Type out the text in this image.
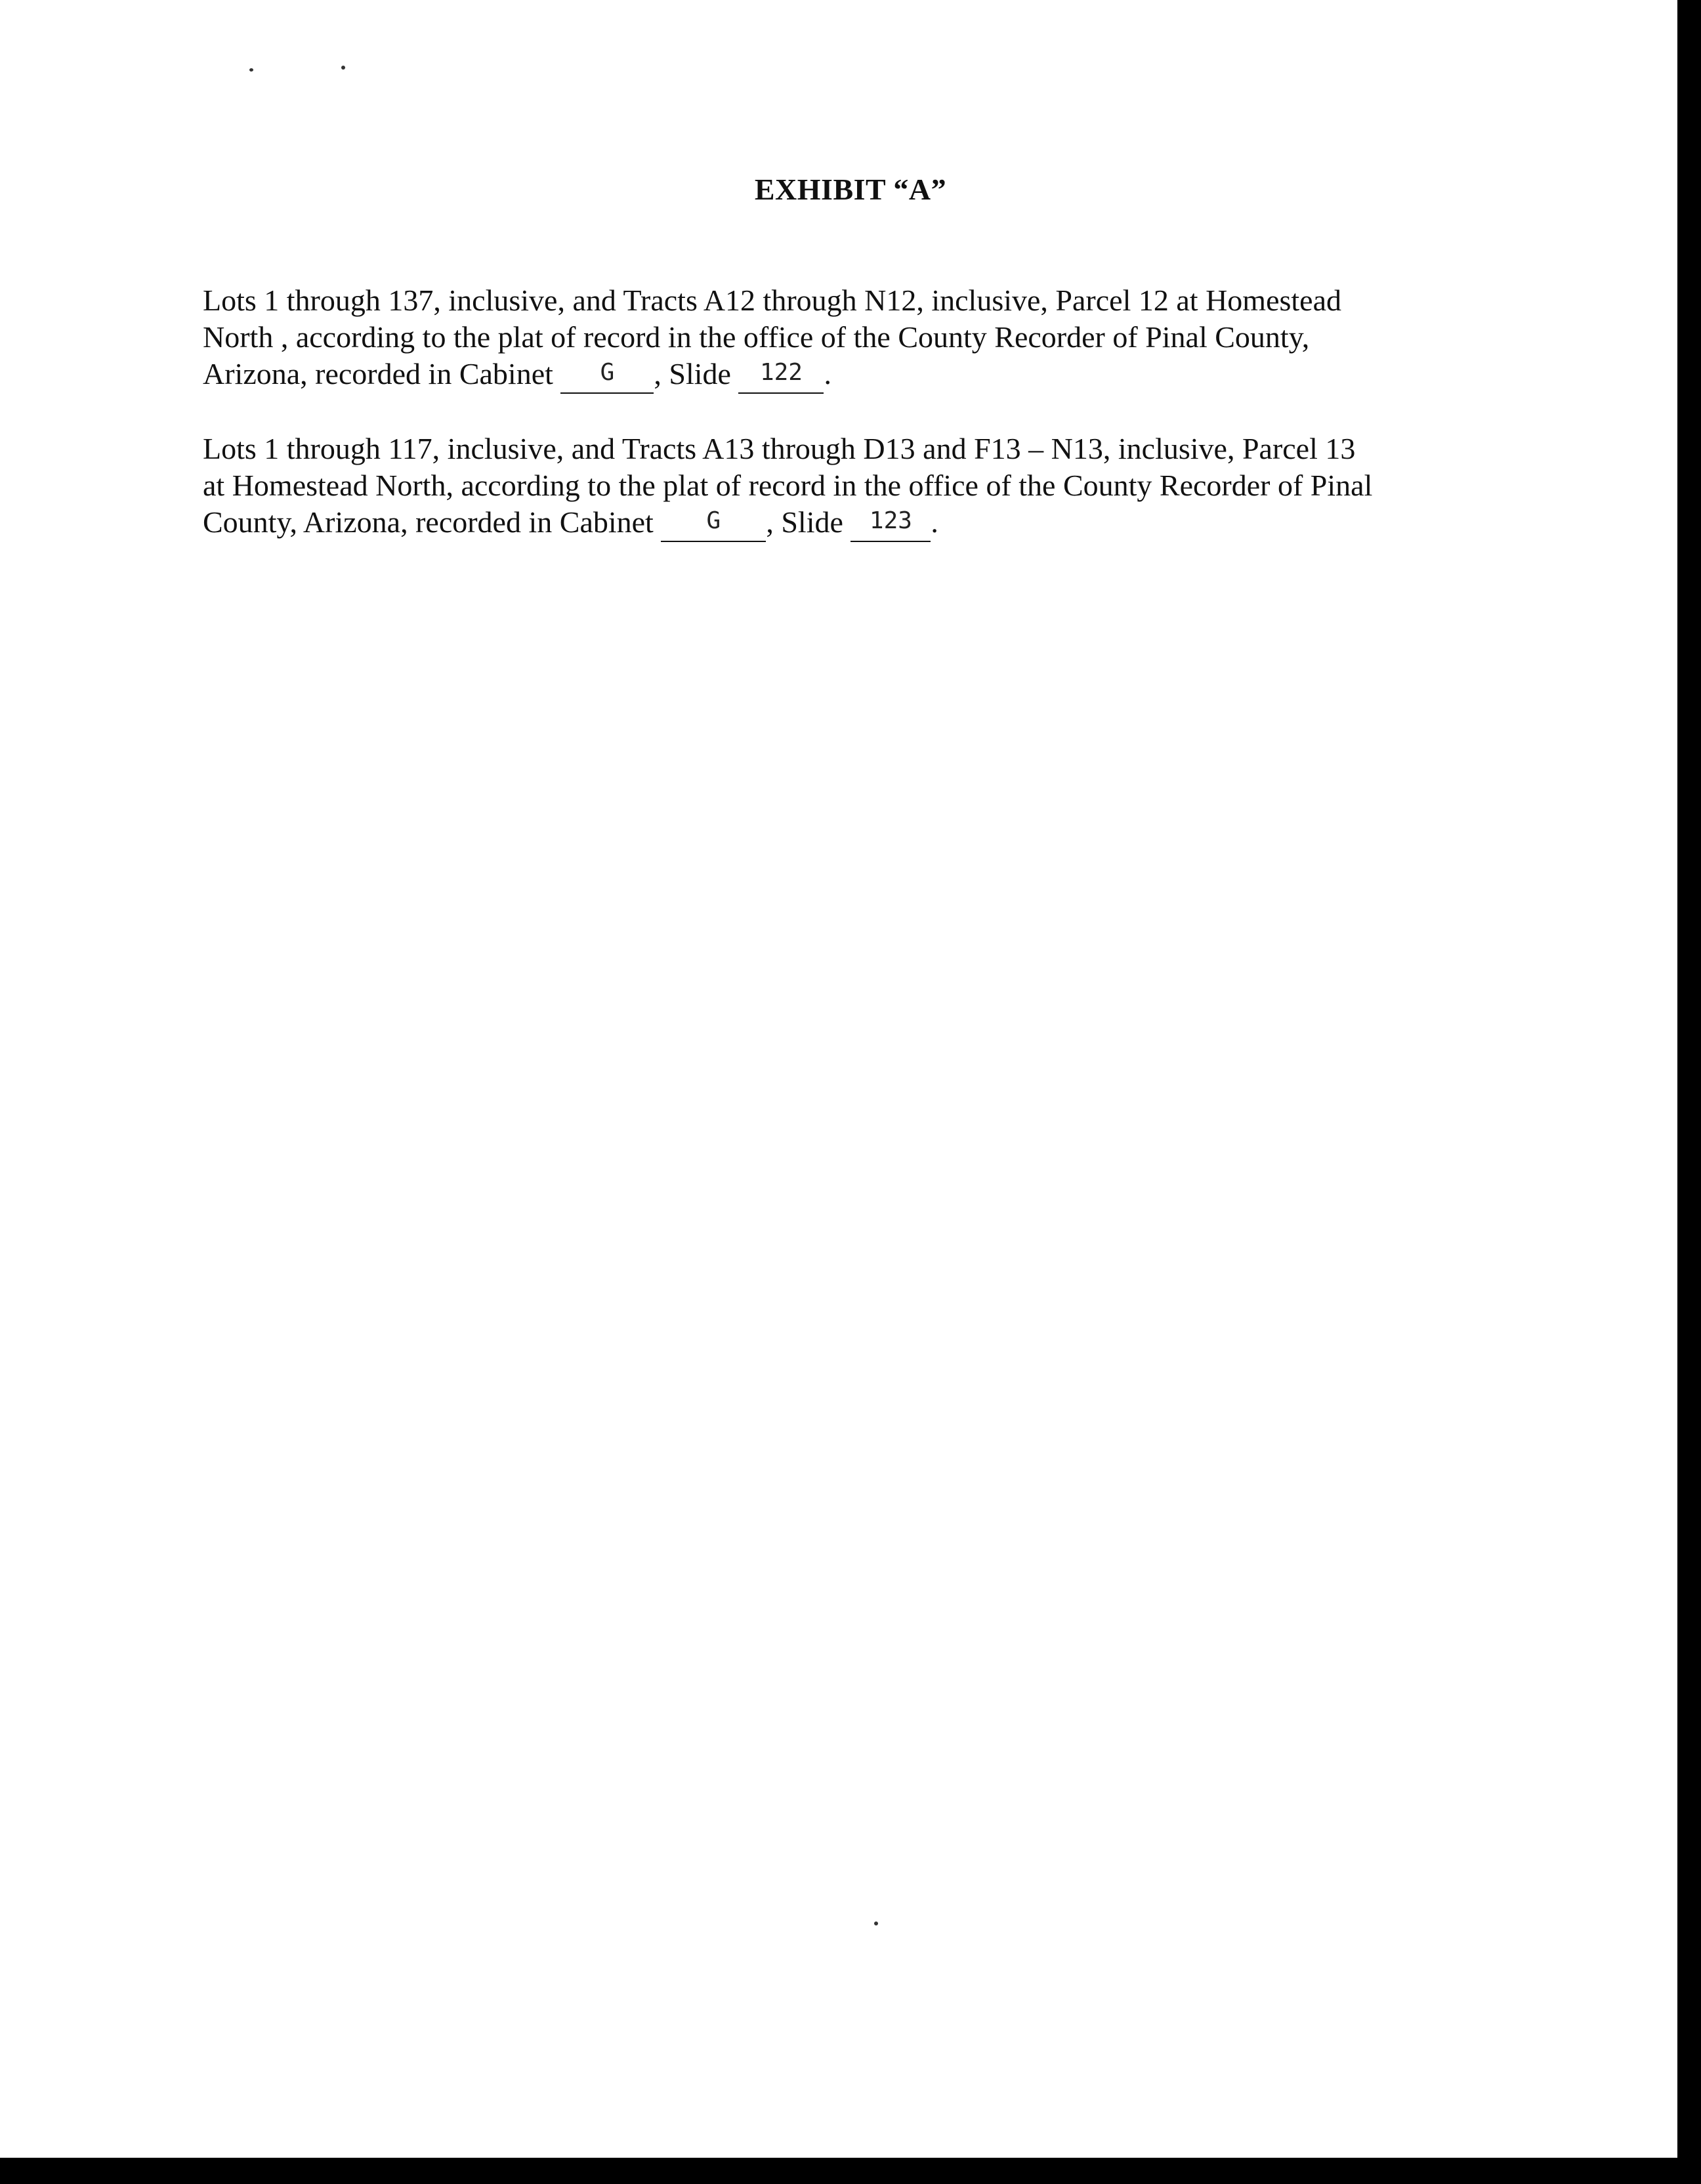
EXHIBIT “A”

Lots 1 through 137, inclusive, and Tracts A12 through N12, inclusive, Parcel 12 at Homestead
North , according to the plat of record in the office of the County Recorder of Pinal County,
Arizona, recorded in Cabinet G , Slide 122 .

Lots 1 through 117, inclusive, and Tracts A13 through D13 and F13 – N13, inclusive, Parcel 13
at Homestead North, according to the plat of record in the office of the County Recorder of Pinal
County, Arizona, recorded in Cabinet G , Slide 123 .
